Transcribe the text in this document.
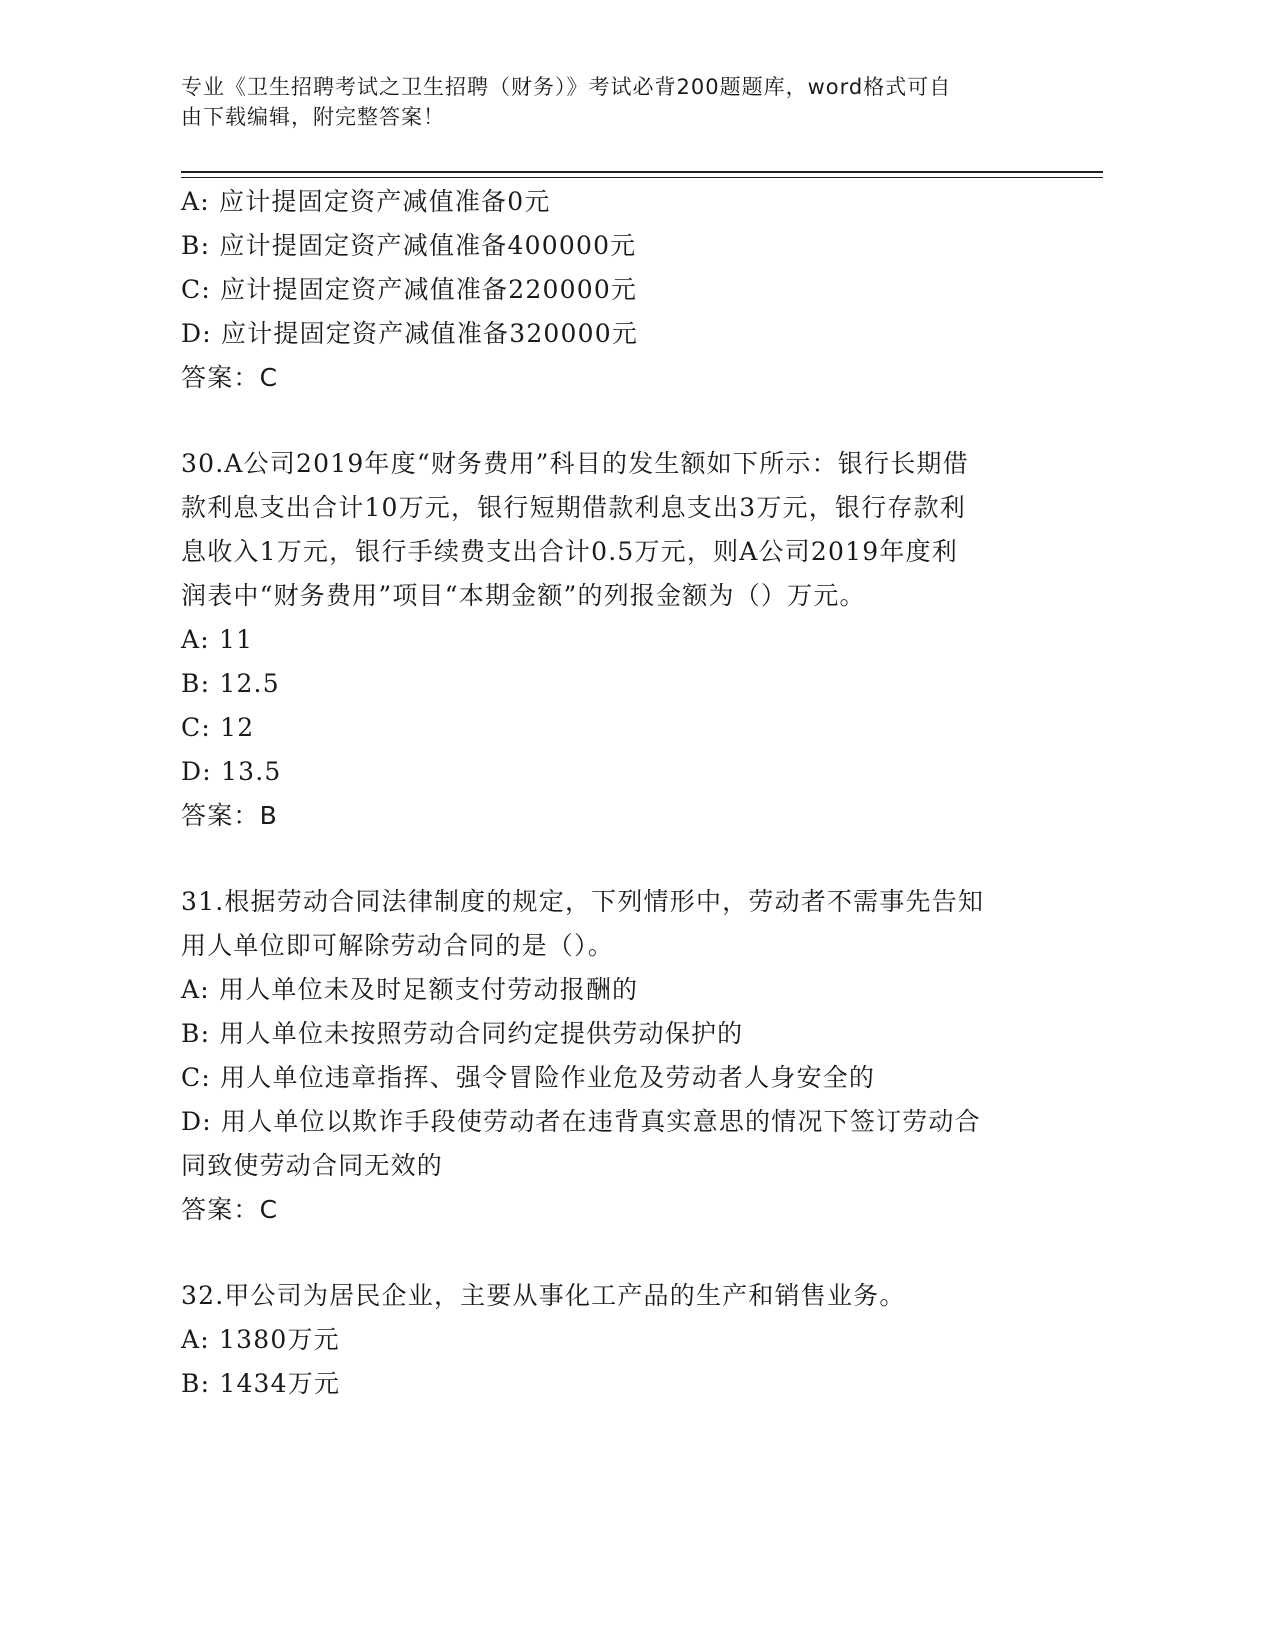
专业《卫生招聘考试之卫生招聘（财务）》考试必背200题题库，word格式可自
由下载编辑，附完整答案！
A: 应计提固定资产减值准备0元
B: 应计提固定资产减值准备400000元
C: 应计提固定资产减值准备220000元
D: 应计提固定资产减值准备320000元
答案：C
30.A公司2019年度“财务费用”科目的发生额如下所示：银行长期借
款利息支出合计10万元，银行短期借款利息支出3万元，银行存款利
息收入1万元，银行手续费支出合计0.5万元，则A公司2019年度利
润表中“财务费用”项目“本期金额”的列报金额为（）万元。
A: 11
B: 12.5
C: 12
D: 13.5
答案：B
31.根据劳动合同法律制度的规定，下列情形中，劳动者不需事先告知
用人单位即可解除劳动合同的是（）。
A: 用人单位未及时足额支付劳动报酬的
B: 用人单位未按照劳动合同约定提供劳动保护的
C: 用人单位违章指挥、强令冒险作业危及劳动者人身安全的
D: 用人单位以欺诈手段使劳动者在违背真实意思的情况下签订劳动合
同致使劳动合同无效的
答案：C
32.甲公司为居民企业，主要从事化工产品的生产和销售业务。
A: 1380万元
B: 1434万元
